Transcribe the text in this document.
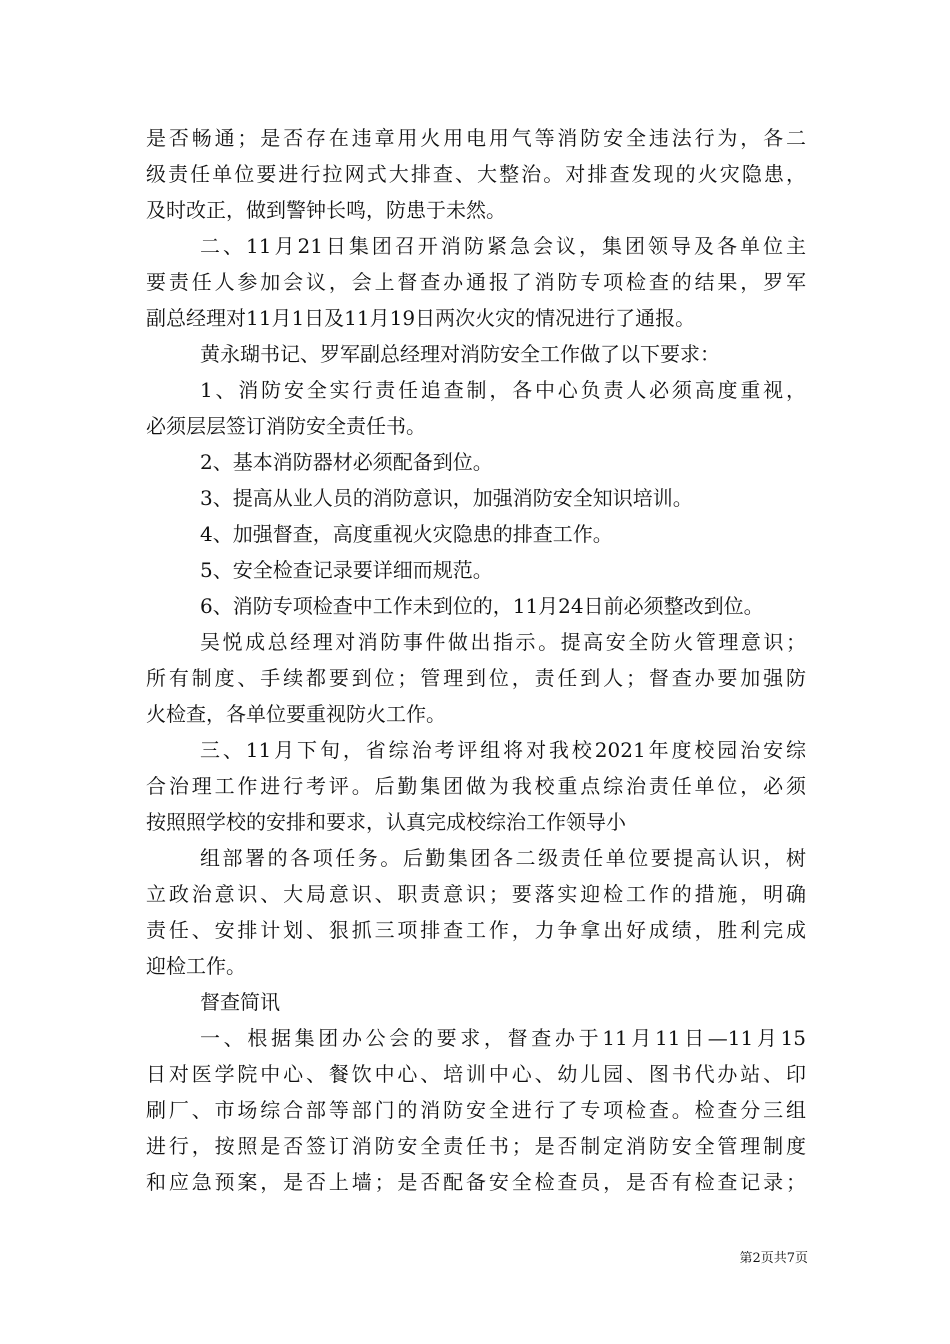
是否畅通；是否存在违章用火用电用气等消防安全违法行为，各二
级责任单位要进行拉网式大排查、大整治。对排查发现的火灾隐患，
及时改正，做到警钟长鸣，防患于未然。
二、11月21日集团召开消防紧急会议，集团领导及各单位主
要责任人参加会议，会上督查办通报了消防专项检查的结果，罗军
副总经理对11月1日及11月19日两次火灾的情况进行了通报。
黄永瑚书记、罗军副总经理对消防安全工作做了以下要求：
1、消防安全实行责任追查制，各中心负责人必须高度重视，
必须层层签订消防安全责任书。
2、基本消防器材必须配备到位。
3、提高从业人员的消防意识，加强消防安全知识培训。
4、加强督查，高度重视火灾隐患的排查工作。
5、安全检查记录要详细而规范。
6、消防专项检查中工作未到位的，11月24日前必须整改到位。
吴悦成总经理对消防事件做出指示。提高安全防火管理意识；
所有制度、手续都要到位；管理到位，责任到人；督查办要加强防
火检查，各单位要重视防火工作。
三、11月下旬，省综治考评组将对我校2021年度校园治安综
合治理工作进行考评。后勤集团做为我校重点综治责任单位，必须
按照照学校的安排和要求，认真完成校综治工作领导小
组部署的各项任务。后勤集团各二级责任单位要提高认识，树
立政治意识、大局意识、职责意识；要落实迎检工作的措施，明确
责任、安排计划、狠抓三项排查工作，力争拿出好成绩，胜利完成
迎检工作。
督查简讯
一、根据集团办公会的要求，督查办于11月11日—11月15
日对医学院中心、餐饮中心、培训中心、幼儿园、图书代办站、印
刷厂、市场综合部等部门的消防安全进行了专项检查。检查分三组
进行，按照是否签订消防安全责任书；是否制定消防安全管理制度
和应急预案，是否上墙；是否配备安全检查员，是否有检查记录；
第2页共7页
